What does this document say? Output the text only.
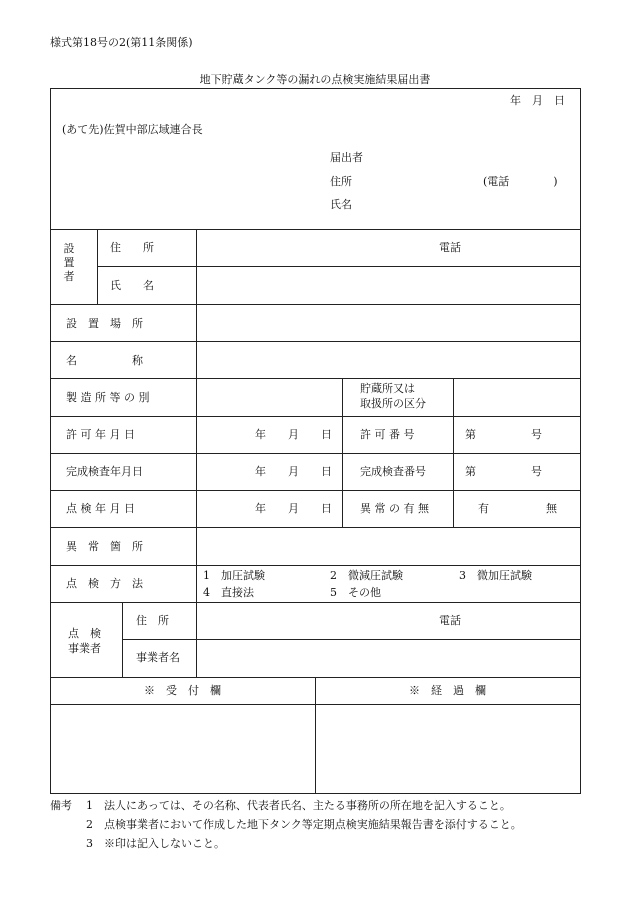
様式第18号の2(第11条関係)
地下貯蔵タンク等の漏れの点検実施結果届出書
年　月　日
(あて先)佐賀中部広域連合長
届出者
住所	(電話　　　　)
氏名
設置者
住　　所	電話
氏　　名
設　置　場　所
名　　　　　称
製 造 所 等 の 別
貯蔵所又は
取扱所の区分
許 可 年 月 日	年　　月　　日	許 可 番 号	第　　　　　号
完成検査年月日	年　　月　　日	完成検査番号	第　　　　　号
点 検 年 月 日	年　　月　　日	異 常 の 有 無	有	無
異　常　箇　所
点　検　方　法
1　加圧試験	2　微減圧試験	3　微加圧試験
4　直接法	5　その他
点　検
事業者
住　所	電話
事業者名
※　受　付　欄	※　経　過　欄
備考 1　法人にあっては、その名称、代表者氏名、主たる事務所の所在地を記入すること。
2　点検事業者において作成した地下タンク等定期点検実施結果報告書を添付すること。
3　※印は記入しないこと。
